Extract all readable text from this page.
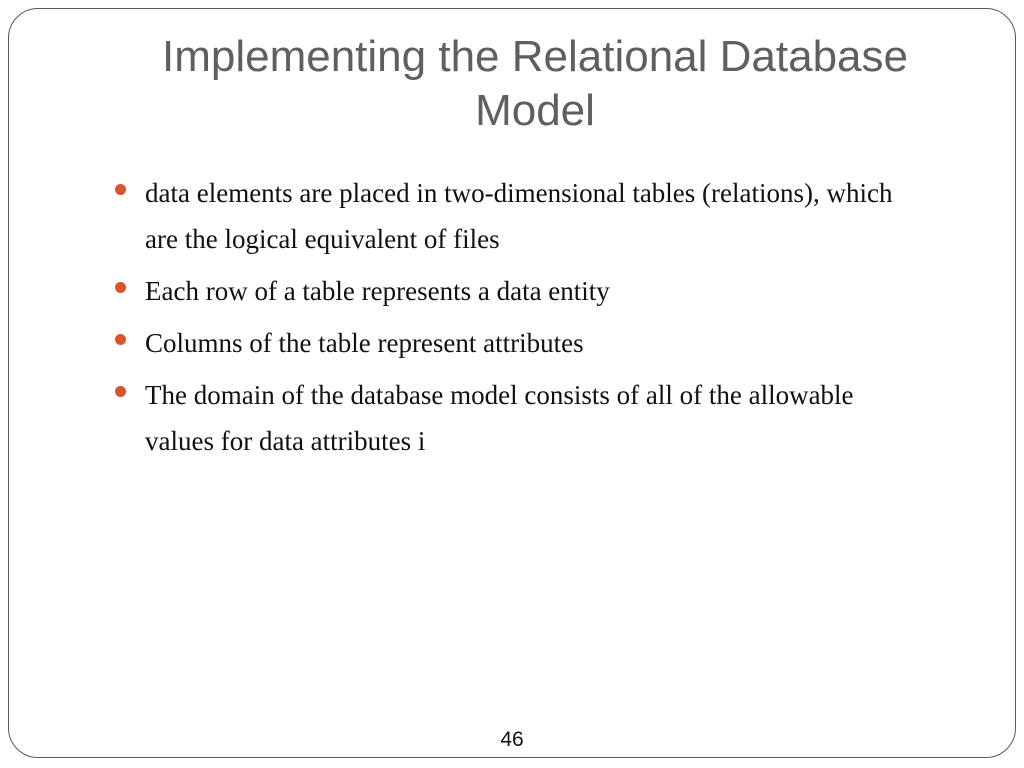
Implementing the Relational Database Model
data elements are placed in two-dimensional tables (relations), which are the logical equivalent of files
Each row of a table represents a data entity
Columns of the table represent attributes
The domain of the database model consists of all of the allowable values for data attributes i
46
